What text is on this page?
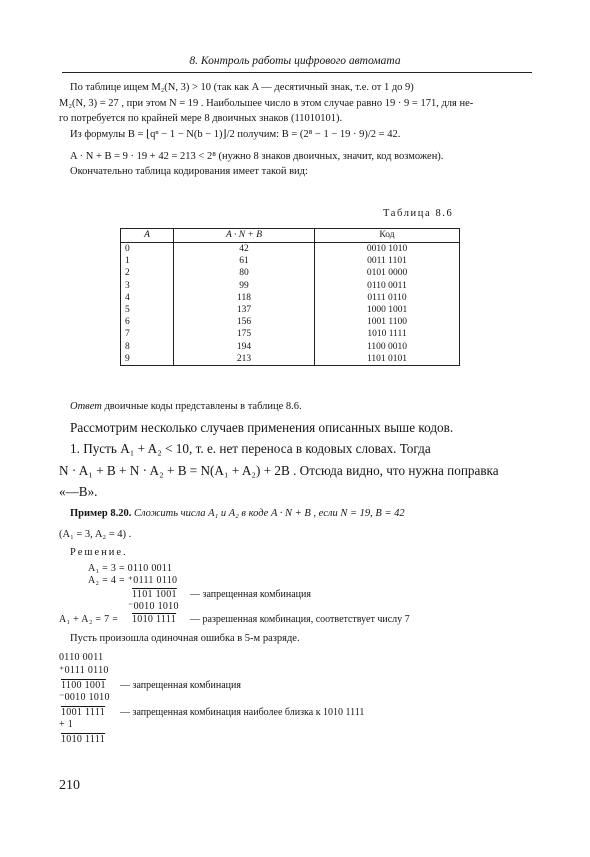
8. Контроль работы цифрового автомата
По таблице ищем M₂(N, 3) > 10 (так как A — десятичный знак, т.е. от 1 до 9)
M₂(N, 3) = 27 , при этом N = 19 . Наибольшее число в этом случае равно 19 · 9 = 171, для не-
го потребуется по крайней мере 8 двоичных знаков (11010101).
Из формулы B = ⌊qⁿ − 1 − N(b − 1)⌋/2 получим: B = (2⁸ − 1 − 19 · 9)/2 = 42.
A · N + B = 9 · 19 + 42 = 213 < 2⁸ (нужно 8 знаков двоичных, значит, код возможен).
Окончательно таблица кодирования имеет такой вид:
Таблица 8.6
A	A · N + B	Код
0	42	0010 1010
1	61	0011 1101
2	80	0101 0000
3	99	0110 0011
4	118	0111 0110
5	137	1000 1001
6	156	1001 1100
7	175	1010 1111
8	194	1100 0010
9	213	1101 0101
Ответ двоичные коды представлены в таблице 8.6.
Рассмотрим несколько случаев применения описанных выше кодов.
1. Пусть A₁ + A₂ < 10, т. е. нет переноса в кодовых словах. Тогда
N · A₁ + B + N · A₂ + B = N(A₁ + A₂) + 2B . Отсюда видно, что нужна поправка
«—B».
Пример 8.20. Сложить числа A₁ и A₂ в коде A · N + B , если N = 19, B = 42
(A₁ = 3, A₂ = 4) .
Решение.
A₁ = 3 = 0110 0011
A₂ = 4 = ⁺0111 0110
1101 1001 — запрещенная комбинация
⁻0010 1010
A₁ + A₂ = 7 = 1010 1111 — разрешенная комбинация, соответствует числу 7
Пусть произошла одиночная ошибка в 5-м разряде.
0110 0011
⁺0111 0110
1100 1001 — запрещенная комбинация
⁻0010 1010
1001 1111 — запрещенная комбинация наиболее близка к 1010 1111
+ 1
1010 1111
210
